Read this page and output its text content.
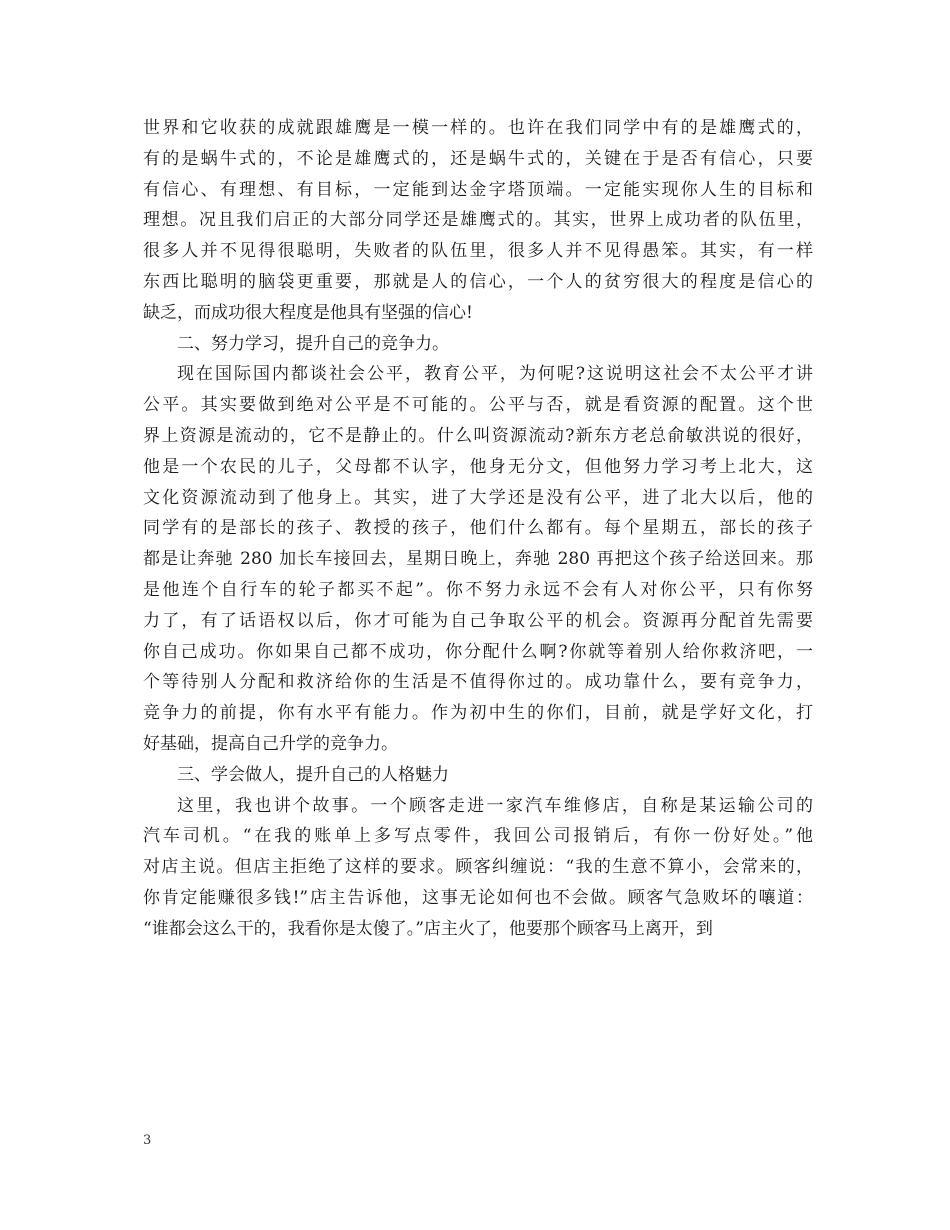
世界和它收获的成就跟雄鹰是一模一样的。也许在我们同学中有的是雄鹰式的，
有的是蜗牛式的，不论是雄鹰式的，还是蜗牛式的，关键在于是否有信心，只要
有信心、有理想、有目标，一定能到达金字塔顶端。一定能实现你人生的目标和
理想。况且我们启正的大部分同学还是雄鹰式的。其实，世界上成功者的队伍里，
很多人并不见得很聪明，失败者的队伍里，很多人并不见得愚笨。其实，有一样
东西比聪明的脑袋更重要，那就是人的信心，一个人的贫穷很大的程度是信心的
缺乏，而成功很大程度是他具有坚强的信心!
二、努力学习，提升自己的竞争力。
现在国际国内都谈社会公平，教育公平，为何呢?这说明这社会不太公平才讲
公平。其实要做到绝对公平是不可能的。公平与否，就是看资源的配置。这个世
界上资源是流动的，它不是静止的。什么叫资源流动?新东方老总俞敏洪说的很好，
他是一个农民的儿子，父母都不认字，他身无分文，但他努力学习考上北大，这
文化资源流动到了他身上。其实，进了大学还是没有公平，进了北大以后，他的
同学有的是部长的孩子、教授的孩子，他们什么都有。每个星期五，部长的孩子
都是让奔驰 280 加长车接回去，星期日晚上，奔驰 280 再把这个孩子给送回来。那
是他连个自行车的轮子都买不起”。你不努力永远不会有人对你公平，只有你努
力了，有了话语权以后，你才可能为自己争取公平的机会。资源再分配首先需要
你自己成功。你如果自己都不成功，你分配什么啊?你就等着别人给你救济吧，一
个等待别人分配和救济给你的生活是不值得你过的。成功靠什么，要有竞争力，
竞争力的前提，你有水平有能力。作为初中生的你们，目前，就是学好文化，打
好基础，提高自己升学的竞争力。
三、学会做人，提升自己的人格魅力
这里，我也讲个故事。一个顾客走进一家汽车维修店，自称是某运输公司的
汽车司机。“在我的账单上多写点零件，我回公司报销后，有你一份好处。”他
对店主说。但店主拒绝了这样的要求。顾客纠缠说：“我的生意不算小，会常来的，
你肯定能赚很多钱!”店主告诉他，这事无论如何也不会做。顾客气急败坏的嚷道：
“谁都会这么干的，我看你是太傻了。”店主火了，他要那个顾客马上离开，到
3
